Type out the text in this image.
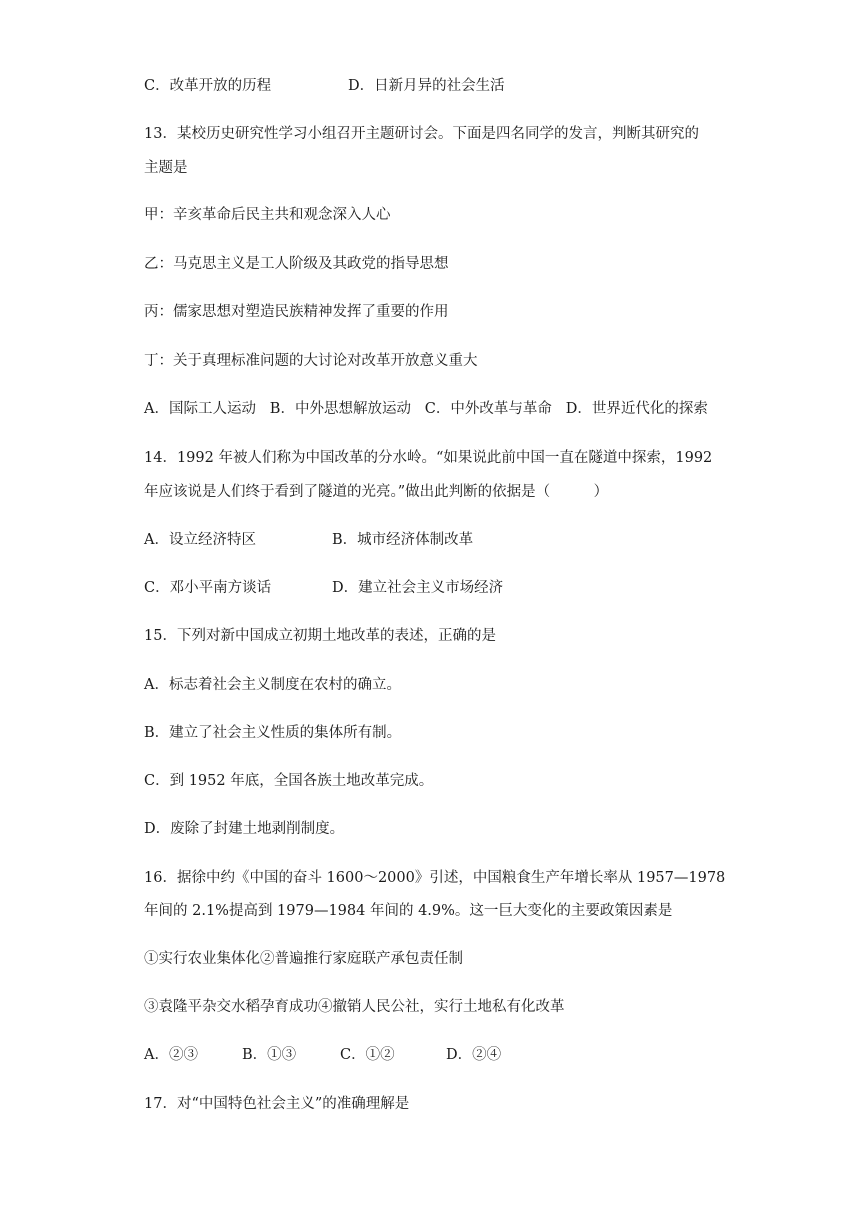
C．改革开放的历程	D．日新月异的社会生活
13．某校历史研究性学习小组召开主题研讨会。下面是四名同学的发言，判断其研究的
主题是
甲：辛亥革命后民主共和观念深入人心
乙：马克思主义是工人阶级及其政党的指导思想
丙：儒家思想对塑造民族精神发挥了重要的作用
丁：关于真理标准问题的大讨论对改革开放意义重大
A．国际工人运动   B．中外思想解放运动   C．中外改革与革命   D．世界近代化的探索
14．1992 年被人们称为中国改革的分水岭。“如果说此前中国一直在隧道中探索，1992
年应该说是人们终于看到了隧道的光亮。”做出此判断的依据是（　　　）
A．设立经济特区	B．城市经济体制改革
C．邓小平南方谈话	D．建立社会主义市场经济
15．下列对新中国成立初期土地改革的表述，正确的是
A．标志着社会主义制度在农村的确立。
B．建立了社会主义性质的集体所有制。
C．到 1952 年底，全国各族土地改革完成。
D．废除了封建土地剥削制度。
16．据徐中约《中国的奋斗 1600～2000》引述，中国粮食生产年增长率从 1957—1978
年间的 2.1%提高到 1979—1984 年间的 4.9%。这一巨大变化的主要政策因素是
①实行农业集体化②普遍推行家庭联产承包责任制
③袁隆平杂交水稻孕育成功④撤销人民公社，实行土地私有化改革
A．②③	B．①③	C．①②	D．②④
17．对“中国特色社会主义”的准确理解是
